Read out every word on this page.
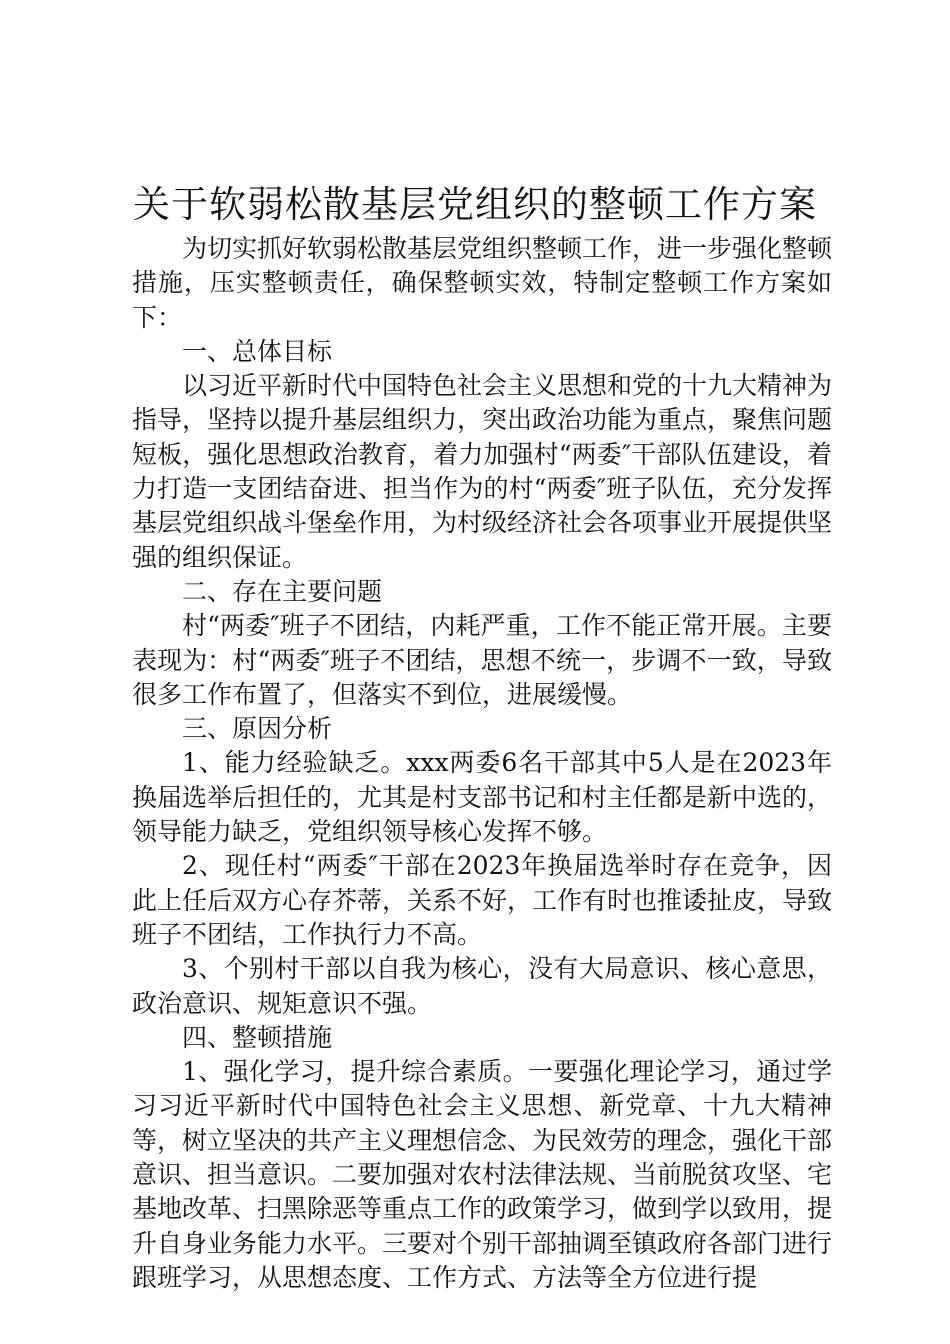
关于软弱松散基层党组织的整顿工作方案

为切实抓好软弱松散基层党组织整顿工作，进一步强化整顿措施，压实整顿责任，确保整顿实效，特制定整顿工作方案如下：

一、总体目标

以习近平新时代中国特色社会主义思想和党的十九大精神为指导，坚持以提升基层组织力，突出政治功能为重点，聚焦问题短板，强化思想政治教育，着力加强村“两委″干部队伍建设，着力打造一支团结奋进、担当作为的村“两委″班子队伍，充分发挥基层党组织战斗堡垒作用，为村级经济社会各项事业开展提供坚强的组织保证。

二、存在主要问题

村“两委″班子不团结，内耗严重，工作不能正常开展。主要表现为：村“两委″班子不团结，思想不统一，步调不一致，导致很多工作布置了，但落实不到位，进展缓慢。

三、原因分析

1、能力经验缺乏。xxx两委6名干部其中5人是在2023年换届选举后担任的，尤其是村支部书记和村主任都是新中选的，领导能力缺乏，党组织领导核心发挥不够。

2、现任村“两委″干部在2023年换届选举时存在竞争，因此上任后双方心存芥蒂，关系不好，工作有时也推诿扯皮，导致班子不团结，工作执行力不高。

3、个别村干部以自我为核心，没有大局意识、核心意思，政治意识、规矩意识不强。

四、整顿措施

1、强化学习，提升综合素质。一要强化理论学习，通过学习习近平新时代中国特色社会主义思想、新党章、十九大精神等，树立坚决的共产主义理想信念、为民效劳的理念，强化干部意识、担当意识。二要加强对农村法律法规、当前脱贫攻坚、宅基地改革、扫黑除恶等重点工作的政策学习，做到学以致用，提升自身业务能力水平。三要对个别干部抽调至镇政府各部门进行跟班学习，从思想态度、工作方式、方法等全方位进行提
